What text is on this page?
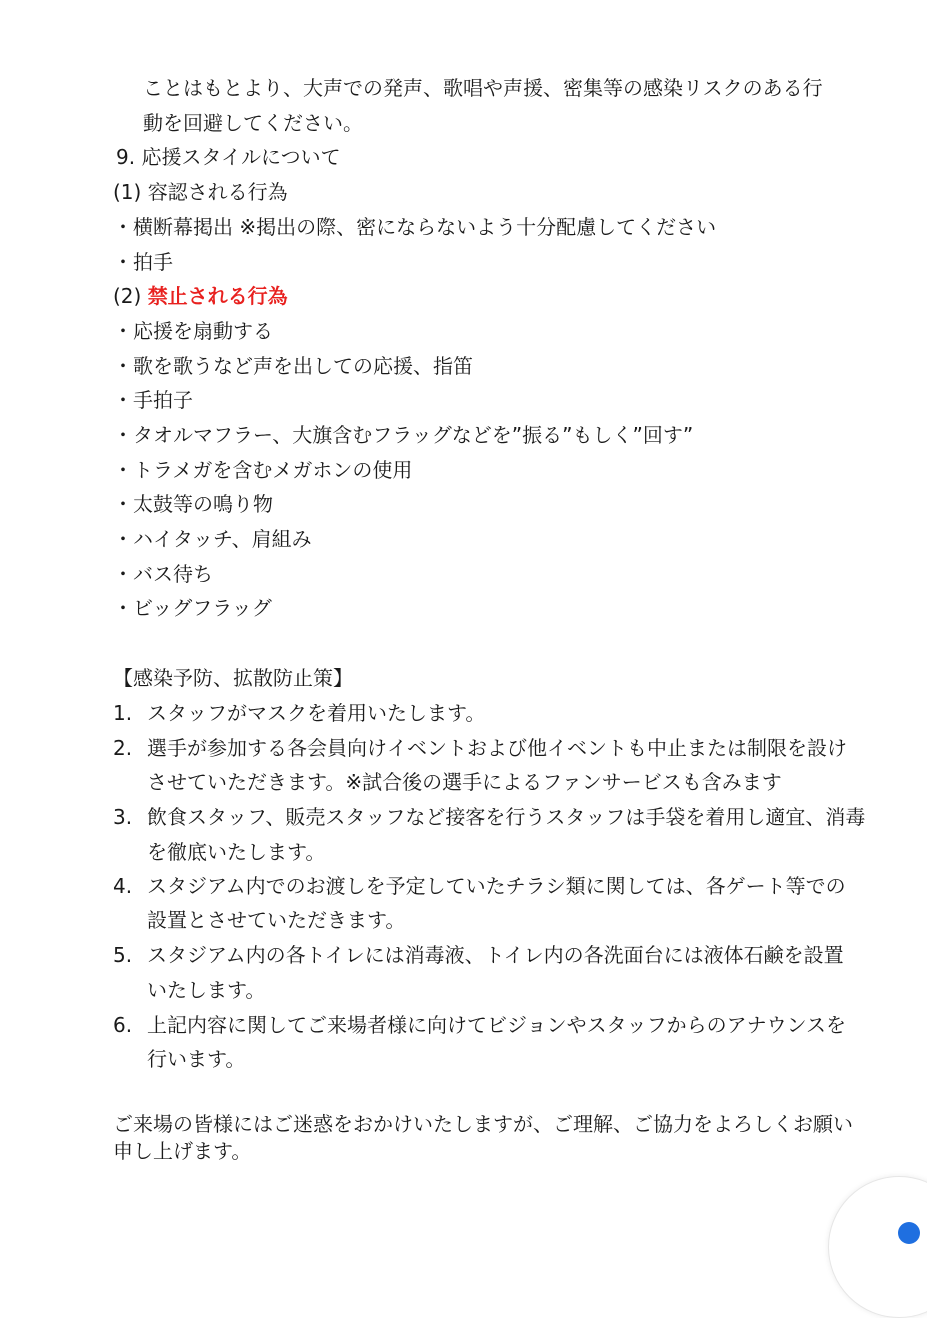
ことはもとより、大声での発声、歌唱や声援、密集等の感染リスクのある行
動を回避してください。
9. 応援スタイルについて
(1) 容認される行為
・横断幕掲出 ※掲出の際、密にならないよう十分配慮してください
・拍手
(2) 禁止される行為
・応援を扇動する
・歌を歌うなど声を出しての応援、指笛
・手拍子
・タオルマフラー、大旗含むフラッグなどを”振る”もしく”回す”
・トラメガを含むメガホンの使用
・太鼓等の鳴り物
・ハイタッチ、肩組み
・バス待ち
・ビッグフラッグ
【感染予防、拡散防止策】
1. スタッフがマスクを着用いたします。
2. 選手が参加する各会員向けイベントおよび他イベントも中止または制限を設け
させていただきます。※試合後の選手によるファンサービスも含みます
3. 飲食スタッフ、販売スタッフなど接客を行うスタッフは手袋を着用し適宜、消毒
を徹底いたします。
4. スタジアム内でのお渡しを予定していたチラシ類に関しては、各ゲート等での
設置とさせていただきます。
5. スタジアム内の各トイレには消毒液、トイレ内の各洗面台には液体石鹸を設置
いたします。
6. 上記内容に関してご来場者様に向けてビジョンやスタッフからのアナウンスを
行います。
ご来場の皆様にはご迷惑をおかけいたしますが、ご理解、ご協力をよろしくお願い
申し上げます。
